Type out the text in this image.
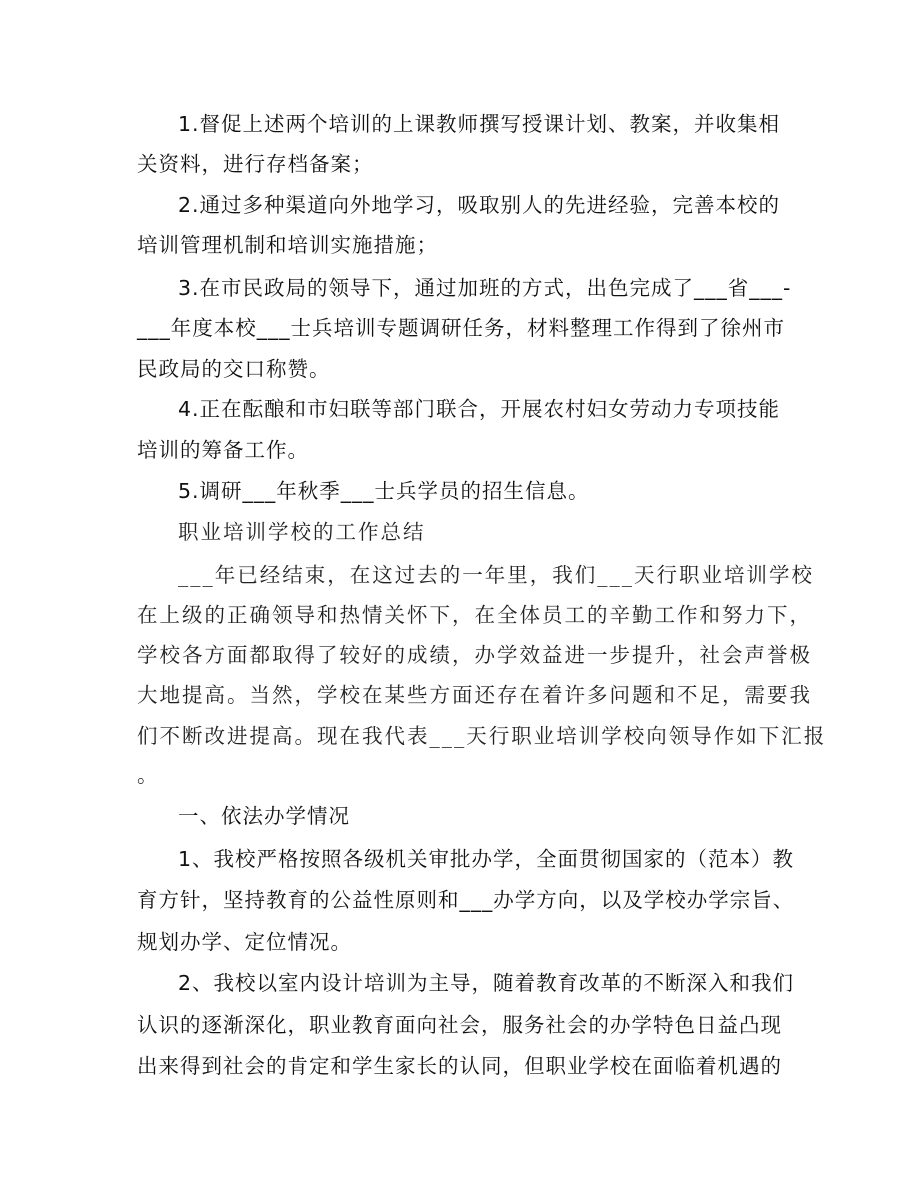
1.督促上述两个培训的上课教师撰写授课计划、教案，并收集相
关资料，进行存档备案；
2.通过多种渠道向外地学习，吸取别人的先进经验，完善本校的
培训管理机制和培训实施措施；
3.在市民政局的领导下，通过加班的方式，出色完成了___省___-
___年度本校___士兵培训专题调研任务，材料整理工作得到了徐州市
民政局的交口称赞。
4.正在酝酿和市妇联等部门联合，开展农村妇女劳动力专项技能
培训的筹备工作。
5.调研___年秋季___士兵学员的招生信息。
职业培训学校的工作总结
___年已经结束，在这过去的一年里，我们___天行职业培训学校
在上级的正确领导和热情关怀下，在全体员工的辛勤工作和努力下，
学校各方面都取得了较好的成绩，办学效益进一步提升，社会声誉极
大地提高。当然，学校在某些方面还存在着许多问题和不足，需要我
们不断改进提高。现在我代表___天行职业培训学校向领导作如下汇报
。
一、依法办学情况
1、我校严格按照各级机关审批办学，全面贯彻国家的（范本）教
育方针，坚持教育的公益性原则和___办学方向，以及学校办学宗旨、
规划办学、定位情况。
2、我校以室内设计培训为主导，随着教育改革的不断深入和我们
认识的逐渐深化，职业教育面向社会，服务社会的办学特色日益凸现
出来得到社会的肯定和学生家长的认同，但职业学校在面临着机遇的
